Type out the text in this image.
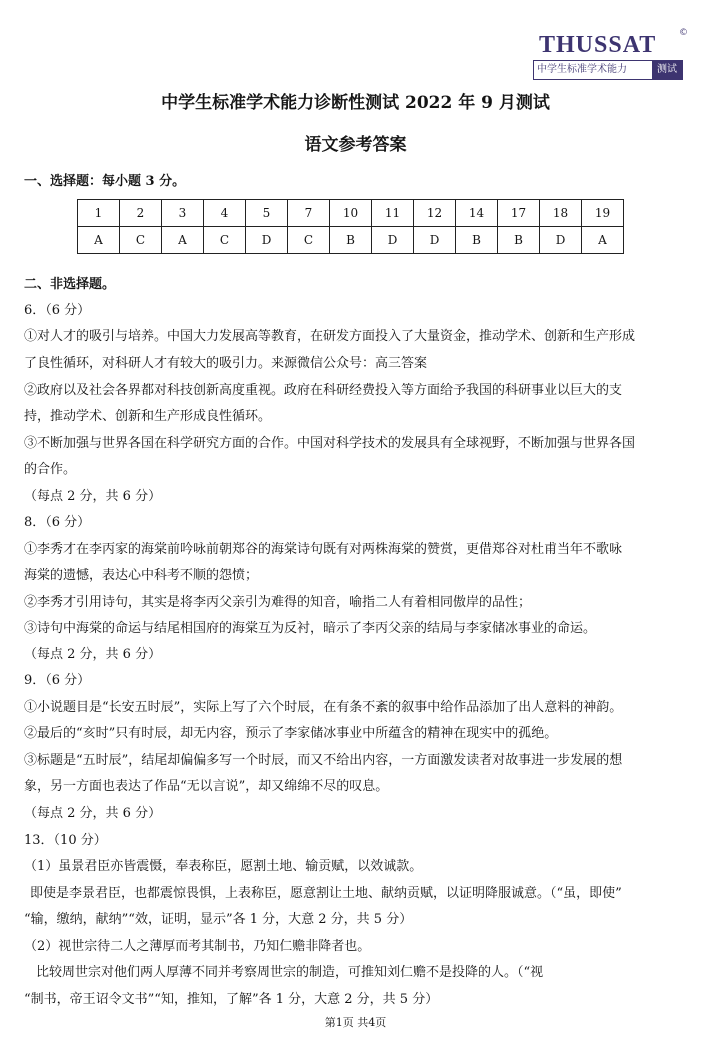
THUSSAT	©
中学生标准学术能力	测试
中学生标准学术能力诊断性测试 2022 年 9 月测试
语文参考答案
一、选择题：每小题 3 分。
1	2	3	4	5	7	10	11	12	14	17	18	19
A	C	A	C	D	C	B	D	D	B	B	D	A
二、非选择题。
6．（6 分）
①对人才的吸引与培养。中国大力发展高等教育，在研发方面投入了大量资金，推动学术、创新和生产形成
了良性循环，对科研人才有较大的吸引力。来源微信公众号：高三答案
②政府以及社会各界都对科技创新高度重视。政府在科研经费投入等方面给予我国的科研事业以巨大的支
持，推动学术、创新和生产形成良性循环。
③不断加强与世界各国在科学研究方面的合作。中国对科学技术的发展具有全球视野，不断加强与世界各国
的合作。
（每点 2 分，共 6 分）
8．（6 分）
①李秀才在李丙家的海棠前吟咏前朝郑谷的海棠诗句既有对两株海棠的赞赏，更借郑谷对杜甫当年不歌咏
海棠的遗憾，表达心中科考不顺的怨愤；
②李秀才引用诗句，其实是将李丙父亲引为难得的知音，喻指二人有着相同傲岸的品性；
③诗句中海棠的命运与结尾相国府的海棠互为反衬，暗示了李丙父亲的结局与李家储冰事业的命运。
（每点 2 分，共 6 分）
9．（6 分）
①小说题目是“长安五时辰”，实际上写了六个时辰，在有条不紊的叙事中给作品添加了出人意料的神韵。
②最后的“亥时”只有时辰，却无内容，预示了李家储冰事业中所蕴含的精神在现实中的孤绝。
③标题是“五时辰”，结尾却偏偏多写一个时辰，而又不给出内容，一方面激发读者对故事进一步发展的想
象，另一方面也表达了作品“无以言说”，却又绵绵不尽的叹息。
（每点 2 分，共 6 分）
13．（10 分）
（1）虽景君臣亦皆震慑，奉表称臣，愿割土地、输贡赋，以效诚款。
即使是李景君臣，也都震惊畏惧，上表称臣，愿意割让土地、献纳贡赋，以证明降服诚意。（“虽，即使”
“输，缴纳，献纳”“效，证明，显示”各 1 分，大意 2 分，共 5 分）
（2）视世宗待二人之薄厚而考其制书，乃知仁赡非降者也。
比较周世宗对他们两人厚薄不同并考察周世宗的制造，可推知刘仁赡不是投降的人。（“视
“制书，帝王诏令文书”“知，推知，了解”各 1 分，大意 2 分，共 5 分）
第1页 共4页
